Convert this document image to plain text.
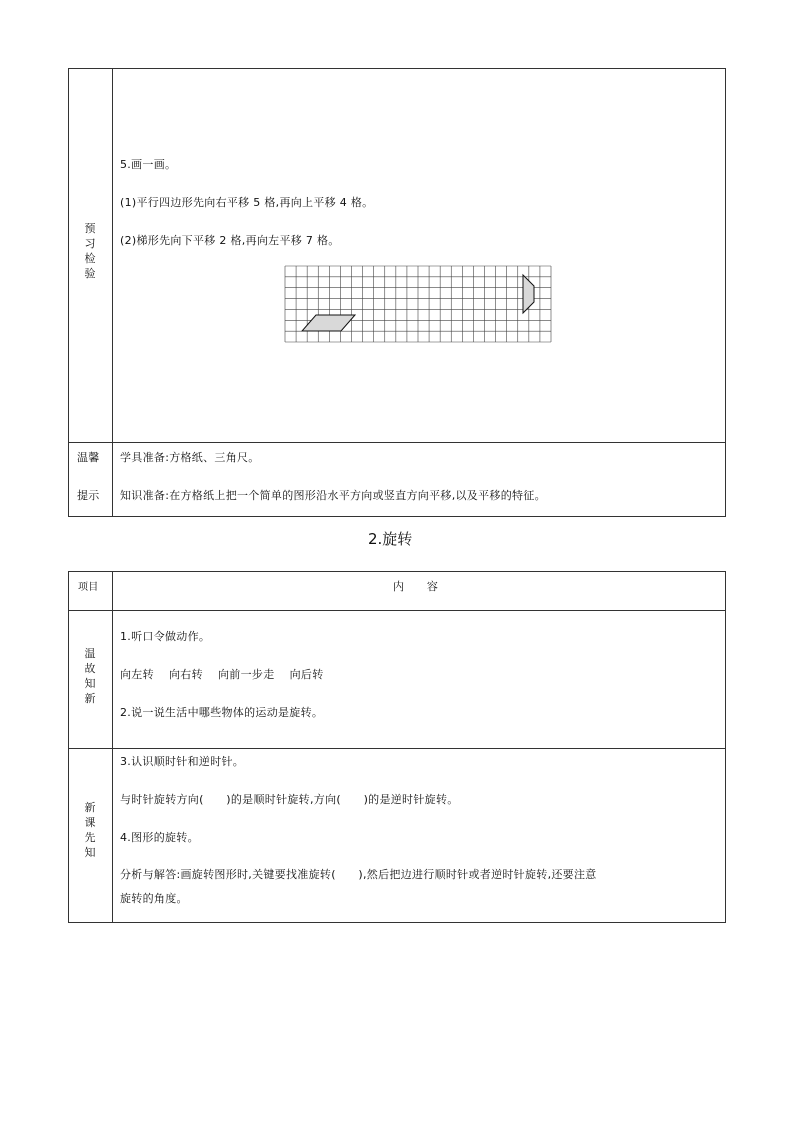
预
习
检
验
5.画一画。
(1)平行四边形先向右平移 5 格,再向上平移 4 格。
(2)梯形先向下平移 2 格,再向左平移 7 格。
温馨
提示
学具准备:方格纸、三角尺。
知识准备:在方格纸上把一个简单的图形沿水平方向或竖直方向平移,以及平移的特征。
2.旋转
项目	内　　容
温
故
知
新
1.听口令做动作。
向左转　 向右转　 向前一步走　 向后转
2.说一说生活中哪些物体的运动是旋转。
新
课
先
知
3.认识顺时针和逆时针。
与时针旋转方向(　　)的是顺时针旋转,方向(　　)的是逆时针旋转。
4.图形的旋转。
分析与解答:画旋转图形时,关键要找准旋转(　　),然后把边进行顺时针或者逆时针旋转,还要注意
旋转的角度。
